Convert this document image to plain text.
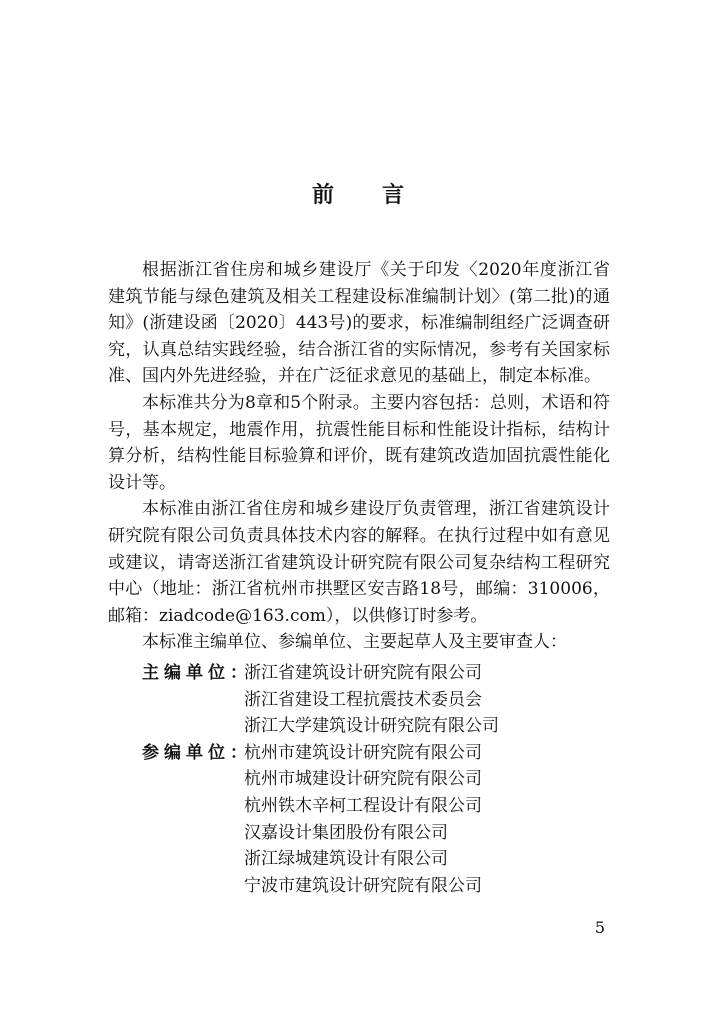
前 言

根据浙江省住房和城乡建设厅《关于印发〈2020年度浙江省建筑节能与绿色建筑及相关工程建设标准编制计划〉(第二批)的通知》(浙建设函〔2020〕443号)的要求，标准编制组经广泛调查研究，认真总结实践经验，结合浙江省的实际情况，参考有关国家标准、国内外先进经验，并在广泛征求意见的基础上，制定本标准。

本标准共分为8章和5个附录。主要内容包括：总则，术语和符号，基本规定，地震作用，抗震性能目标和性能设计指标，结构计算分析，结构性能目标验算和评价，既有建筑改造加固抗震性能化设计等。

本标准由浙江省住房和城乡建设厅负责管理，浙江省建筑设计研究院有限公司负责具体技术内容的解释。在执行过程中如有意见或建议，请寄送浙江省建筑设计研究院有限公司复杂结构工程研究中心（地址：浙江省杭州市拱墅区安吉路18号，邮编：310006，邮箱：ziadcode@163.com），以供修订时参考。

本标准主编单位、参编单位、主要起草人及主要审查人：

主编单位：
浙江省建筑设计研究院有限公司
浙江省建设工程抗震技术委员会
浙江大学建筑设计研究院有限公司
参编单位：
杭州市建筑设计研究院有限公司
杭州市城建设计研究院有限公司
杭州铁木辛柯工程设计有限公司
汉嘉设计集团股份有限公司
浙江绿城建筑设计有限公司
宁波市建筑设计研究院有限公司
5
